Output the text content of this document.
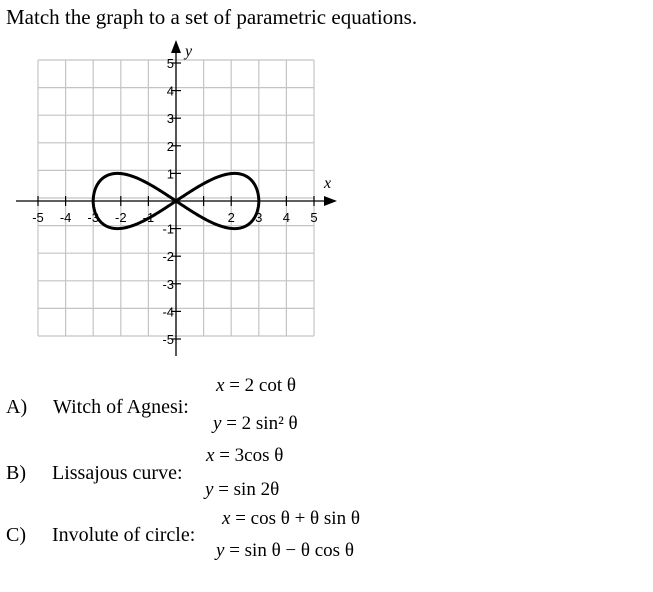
Match the graph to a set of parametric equations.
-5 -4 -3 -2 -1	2 3 4 5
5
4
3
2
1
-1
-2
-3
-4
-5
x
y
A) Witch of Agnesi:
x = 2 cot θ
y = 2 sin² θ
B) Lissajous curve:
x = 3cos θ
y = sin 2θ
C) Involute of circle:
x = cos θ + θ sin θ
y = sin θ − θ cos θ
